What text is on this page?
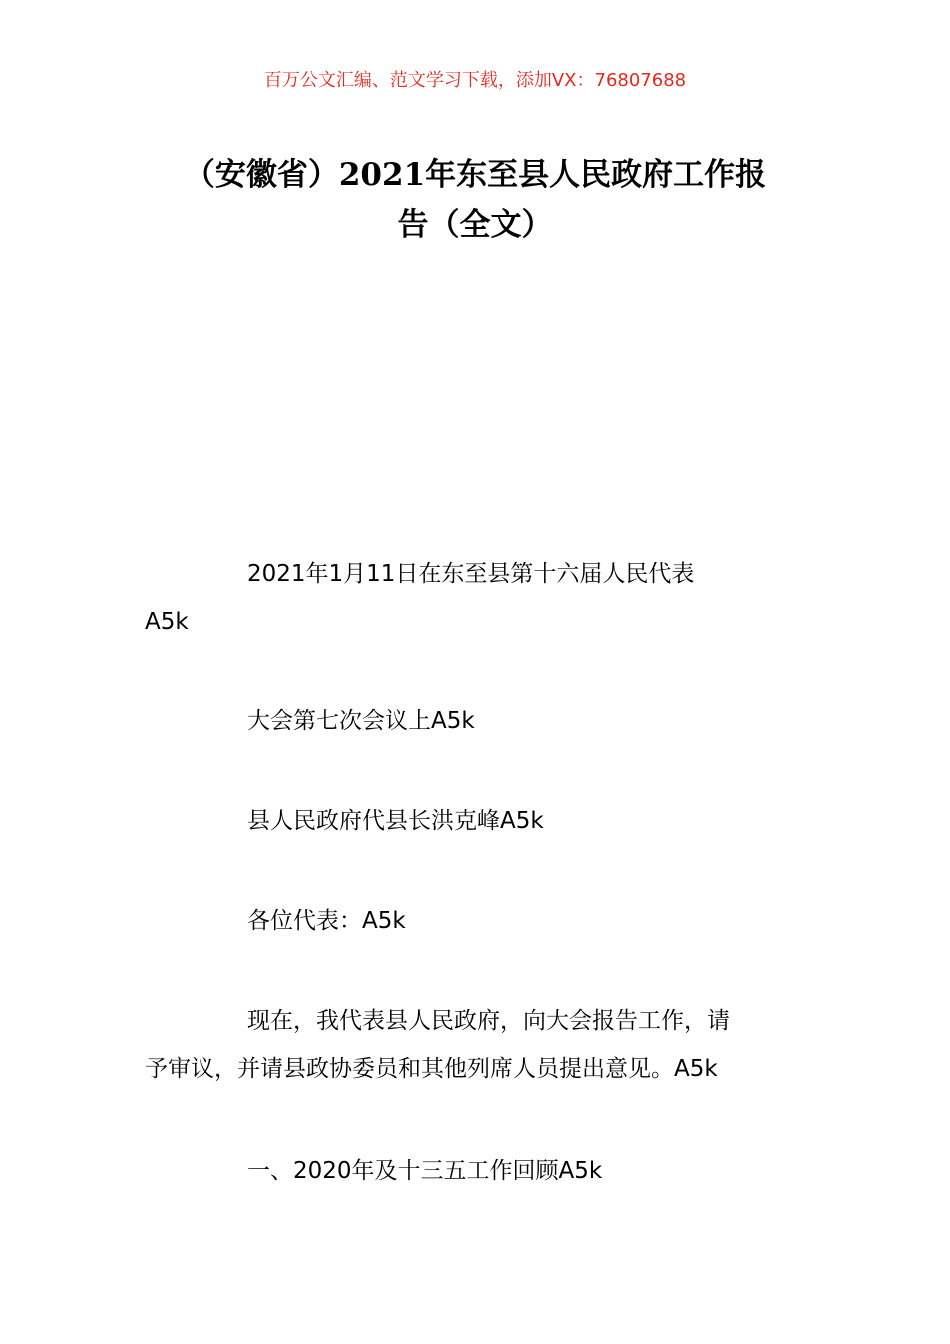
百万公文汇编、范文学习下载，添加VX：76807688
（安徽省）2021年东至县人民政府工作报
告（全文）

2021年1月11日在东至县第十六届人民代表
A5k

大会第七次会议上A5k

县人民政府代县长洪克峰A5k

各位代表：A5k

现在，我代表县人民政府，向大会报告工作，请
予审议，并请县政协委员和其他列席人员提出意见。A5k

一、2020年及十三五工作回顾A5k
